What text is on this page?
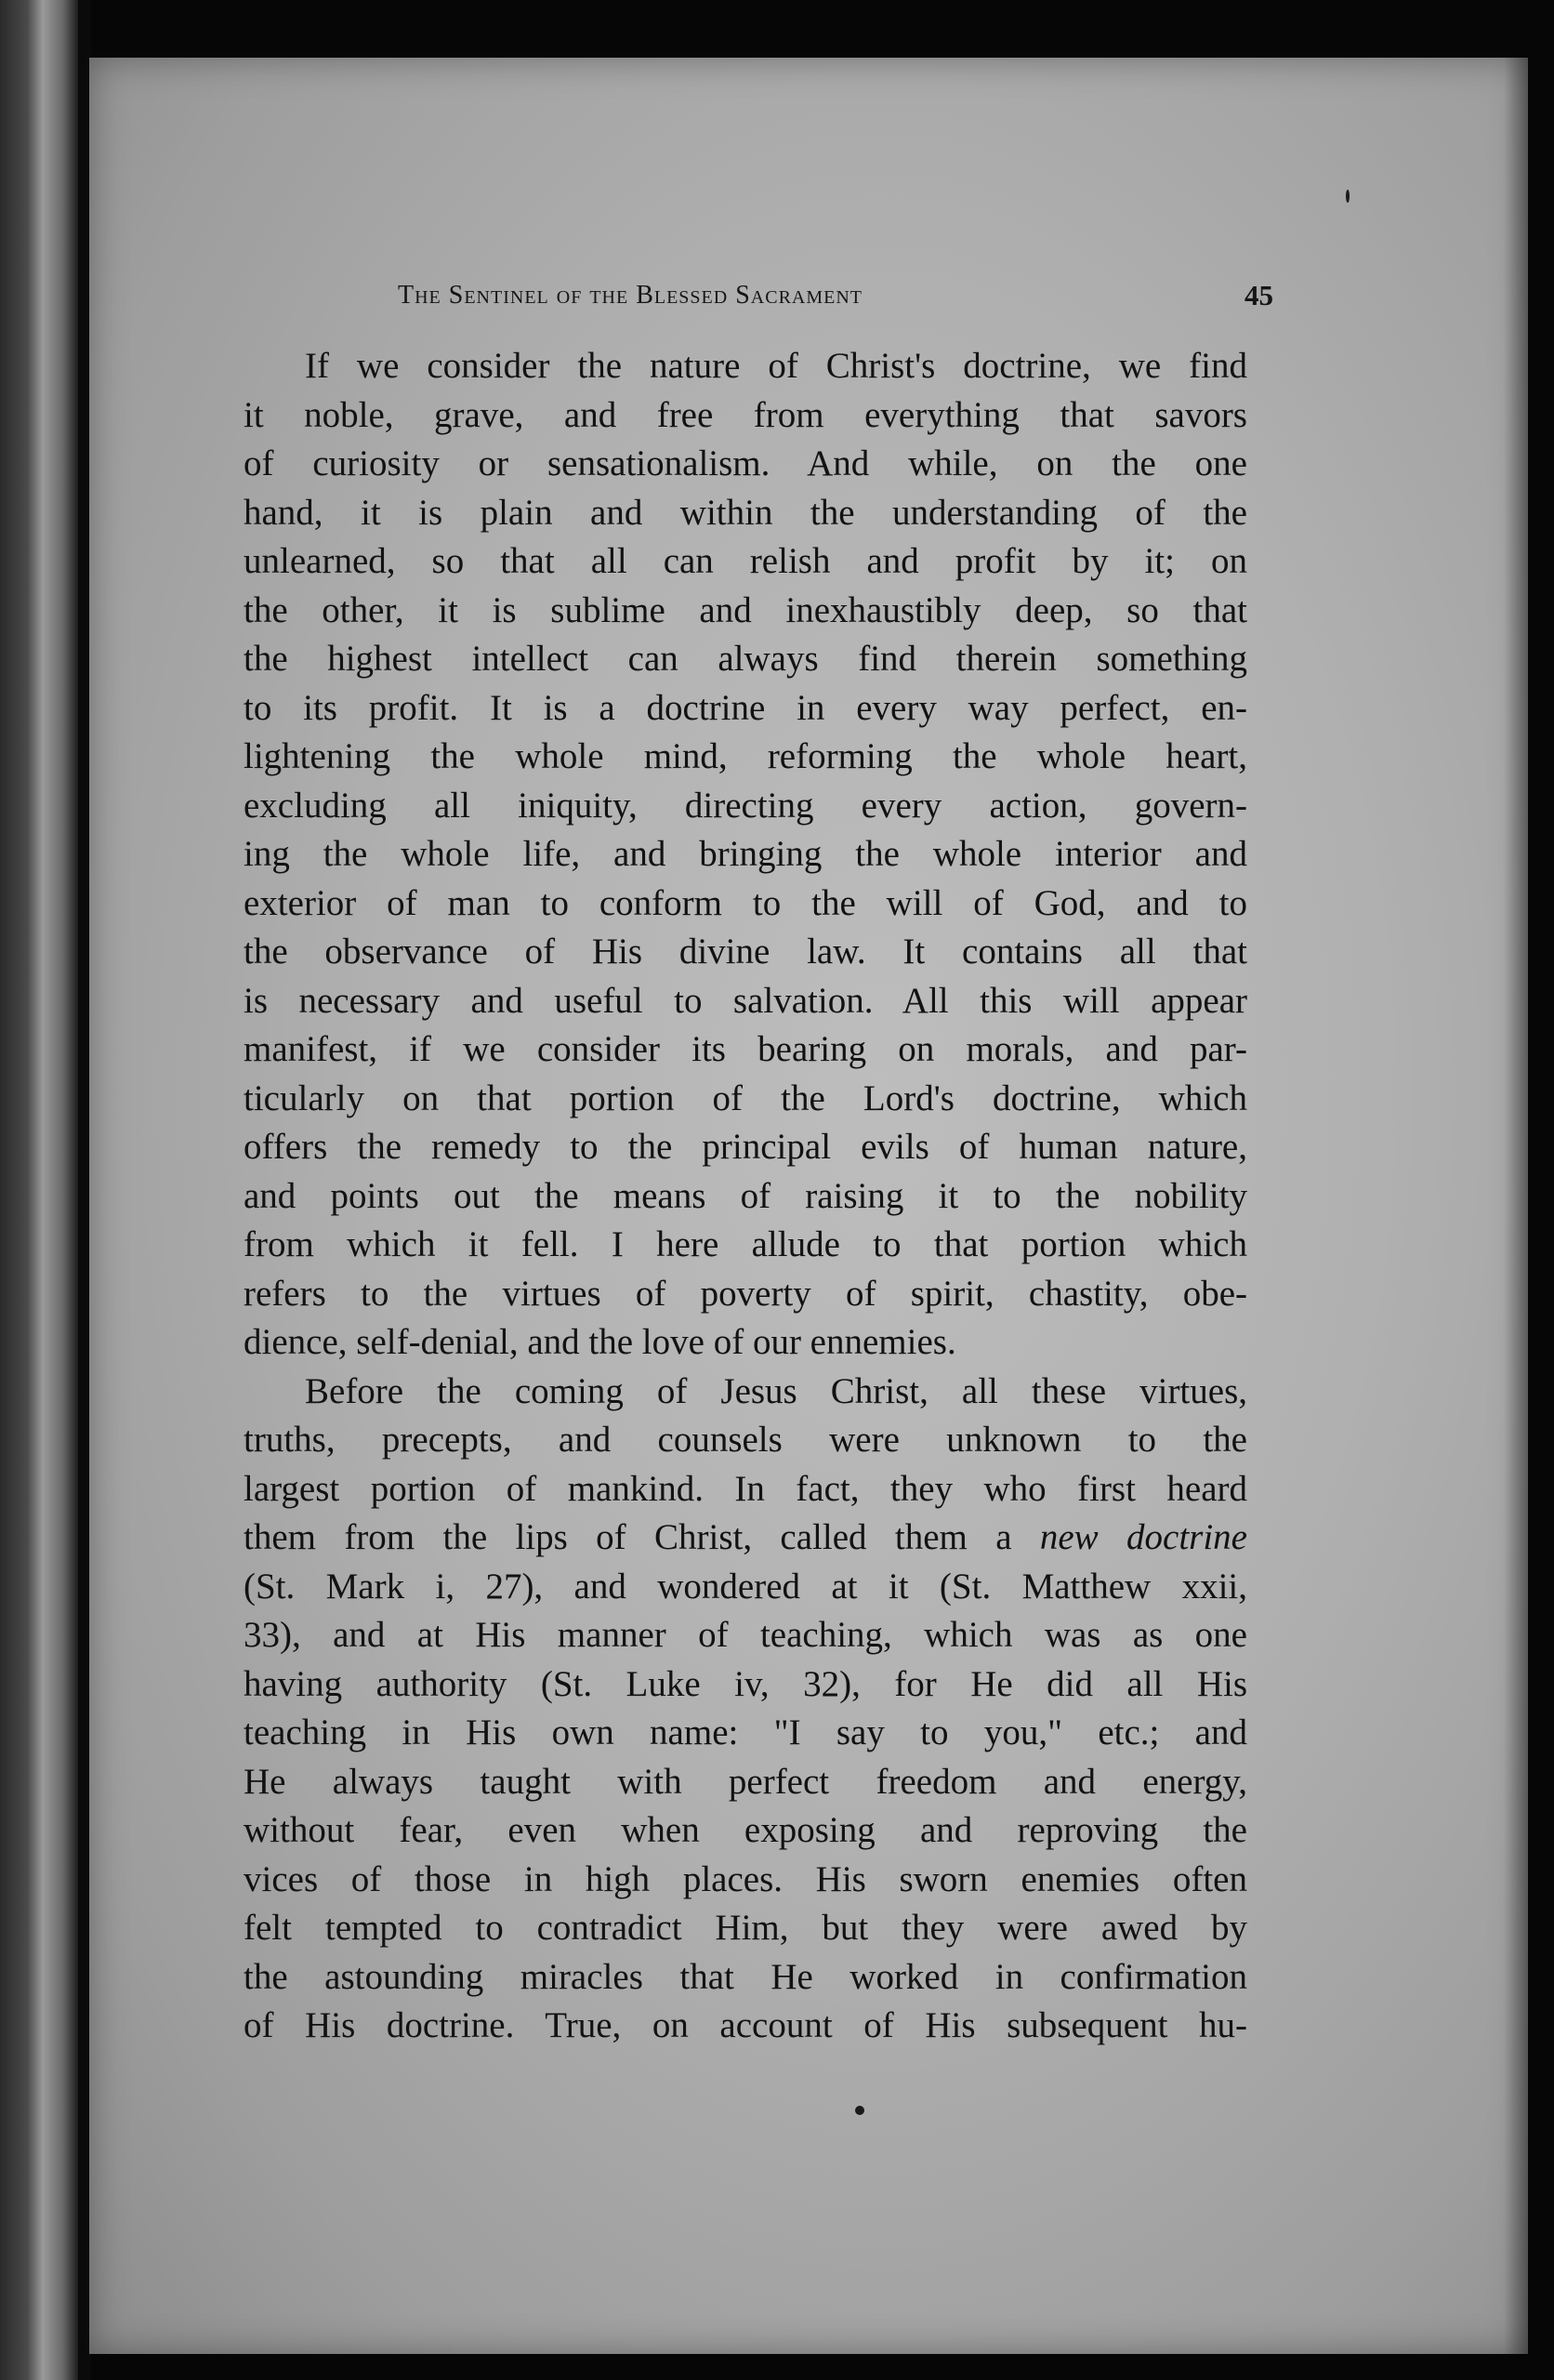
The Sentinel of the Blessed Sacrament	45

If we consider the nature of Christ's doctrine, we find

it noble, grave, and free from everything that savors

of curiosity or sensationalism. And while, on the one

hand, it is plain and within the understanding of the

unlearned, so that all can relish and profit by it; on

the other, it is sublime and inexhaustibly deep, so that

the highest intellect can always find therein something

to its profit. It is a doctrine in every way perfect, en-

lightening the whole mind, reforming the whole heart,

excluding all iniquity, directing every action, govern-

ing the whole life, and bringing the whole interior and

exterior of man to conform to the will of God, and to

the observance of His divine law. It contains all that

is necessary and useful to salvation. All this will appear

manifest, if we consider its bearing on morals, and par-

ticularly on that portion of the Lord's doctrine, which

offers the remedy to the principal evils of human nature,

and points out the means of raising it to the nobility

from which it fell. I here allude to that portion which

refers to the virtues of poverty of spirit, chastity, obe-

dience, self-denial, and the love of our ennemies.

Before the coming of Jesus Christ, all these virtues,

truths, precepts, and counsels were unknown to the

largest portion of mankind. In fact, they who first heard

them from the lips of Christ, called them a new doctrine

(St. Mark i, 27), and wondered at it (St. Matthew xxii,

33), and at His manner of teaching, which was as one

having authority (St. Luke iv, 32), for He did all His

teaching in His own name: "I say to you," etc.; and

He always taught with perfect freedom and energy,

without fear, even when exposing and reproving the

vices of those in high places. His sworn enemies often

felt tempted to contradict Him, but they were awed by

the astounding miracles that He worked in confirmation

of His doctrine. True, on account of His subsequent hu-
